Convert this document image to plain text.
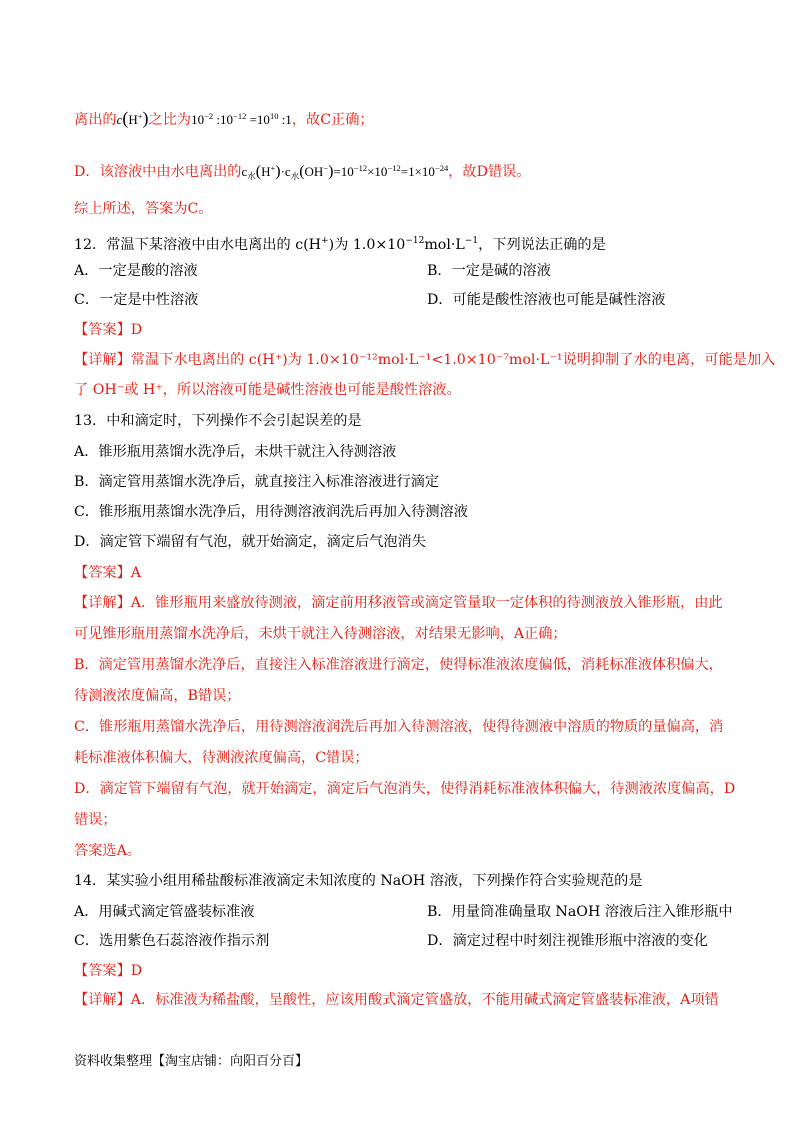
离出的c(H+)之比为$10^{-2}$ $:10^{-12} =10^{10}$ :1，故C正确；
D．该溶液中由水电离出的$c_水(H^+)\cdot c_水(OH^-)=10^{-12}\times 10^{-12}=1\times 10^{-24}$，故D错误。
综上所述，答案为C。
12．常温下某溶液中由水电离出的 c(H+)为 $1.0\times 10^{-12}mol\cdot L^{-1}$，下列说法正确的是
A．一定是酸的溶液	B．一定是碱的溶液
C．一定是中性溶液	D．可能是酸性溶液也可能是碱性溶液
【答案】D
【详解】常温下水电离出的 c(H⁺)为 1.0×10⁻¹²mol·L⁻¹<1.0×10⁻⁷mol·L⁻¹说明抑制了水的电离，可能是加入
了 OH⁻或 H⁺，所以溶液可能是碱性溶液也可能是酸性溶液。
13．中和滴定时，下列操作不会引起误差的是
A．锥形瓶用蒸馏水洗净后，未烘干就注入待测溶液
B．滴定管用蒸馏水洗净后，就直接注入标准溶液进行滴定
C．锥形瓶用蒸馏水洗净后，用待测溶液润洗后再加入待测溶液
D．滴定管下端留有气泡，就开始滴定，滴定后气泡消失
【答案】A
【详解】A．锥形瓶用来盛放待测液，滴定前用移液管或滴定管量取一定体积的待测液放入锥形瓶，由此
可见锥形瓶用蒸馏水洗净后，未烘干就注入待测溶液，对结果无影响，A正确；
B．滴定管用蒸馏水洗净后，直接注入标准溶液进行滴定，使得标准液浓度偏低，消耗标准液体积偏大，
待测液浓度偏高，B错误；
C．锥形瓶用蒸馏水洗净后，用待测溶液润洗后再加入待测溶液，使得待测液中溶质的物质的量偏高，消
耗标准液体积偏大，待测液浓度偏高，C错误；
D．滴定管下端留有气泡，就开始滴定，滴定后气泡消失，使得消耗标准液体积偏大，待测液浓度偏高，D
错误；
答案选A。
14．某实验小组用稀盐酸标准液滴定未知浓度的 NaOH 溶液，下列操作符合实验规范的是
A．用碱式滴定管盛装标准液	B．用量筒准确量取 NaOH 溶液后注入锥形瓶中
C．选用紫色石蕊溶液作指示剂	D．滴定过程中时刻注视锥形瓶中溶液的变化
【答案】D
【详解】A．标准液为稀盐酸，呈酸性，应该用酸式滴定管盛放，不能用碱式滴定管盛装标准液，A项错
资料收集整理【淘宝店铺：向阳百分百】
